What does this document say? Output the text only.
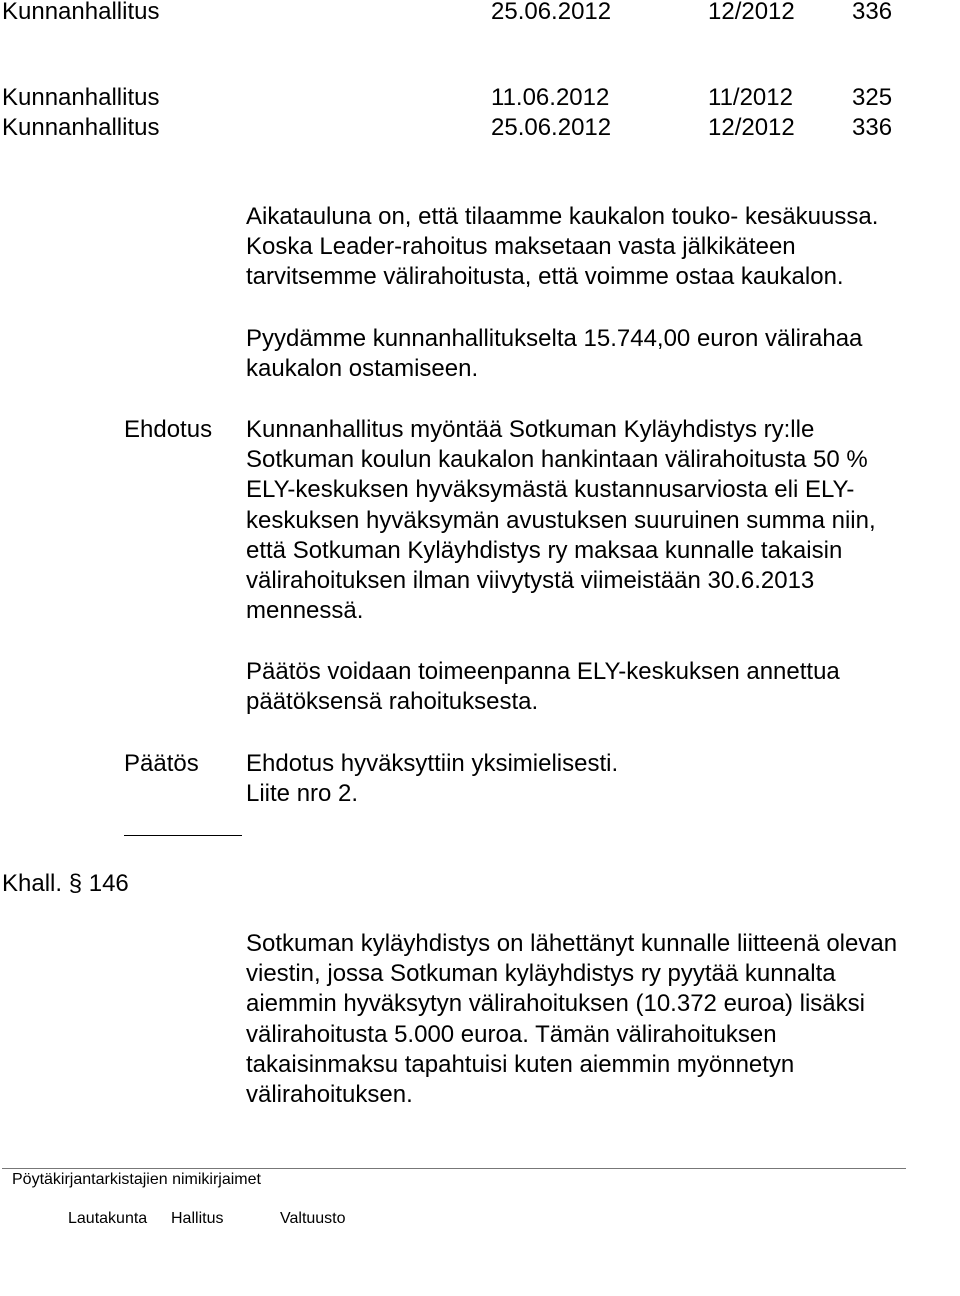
Kunnanhallitus	25.06.2012	12/2012 336
Kunnanhallitus	11.06.2012	11/2012 325
Kunnanhallitus	25.06.2012	12/2012 336
Aikatauluna on, että tilaamme kaukalon touko- kesäkuussa.
Koska Leader-rahoitus maksetaan vasta jälkikäteen
tarvitsemme välirahoitusta, että voimme ostaa kaukalon.
Pyydämme kunnanhallitukselta 15.744,00 euron välirahaa
kaukalon ostamiseen.
Ehdotus Kunnanhallitus myöntää Sotkuman Kyläyhdistys ry:lle
Sotkuman koulun kaukalon hankintaan välirahoitusta 50 %
ELY-keskuksen hyväksymästä kustannusarviosta eli ELY-
keskuksen hyväksymän avustuksen suuruinen summa niin,
että Sotkuman Kyläyhdistys ry maksaa kunnalle takaisin
välirahoituksen ilman viivytystä viimeistään 30.6.2013
mennessä.
Päätös voidaan toimeenpanna ELY-keskuksen annettua
päätöksensä rahoituksesta.
Päätös Ehdotus hyväksyttiin yksimielisesti.
Liite nro 2.
Khall. § 146
Sotkuman kyläyhdistys on lähettänyt kunnalle liitteenä olevan
viestin, jossa Sotkuman kyläyhdistys ry pyytää kunnalta
aiemmin hyväksytyn välirahoituksen (10.372 euroa) lisäksi
välirahoitusta 5.000 euroa. Tämän välirahoituksen
takaisinmaksu tapahtuisi kuten aiemmin myönnetyn
välirahoituksen.
Pöytäkirjantarkistajien nimikirjaimet
Lautakunta Hallitus	Valtuusto
